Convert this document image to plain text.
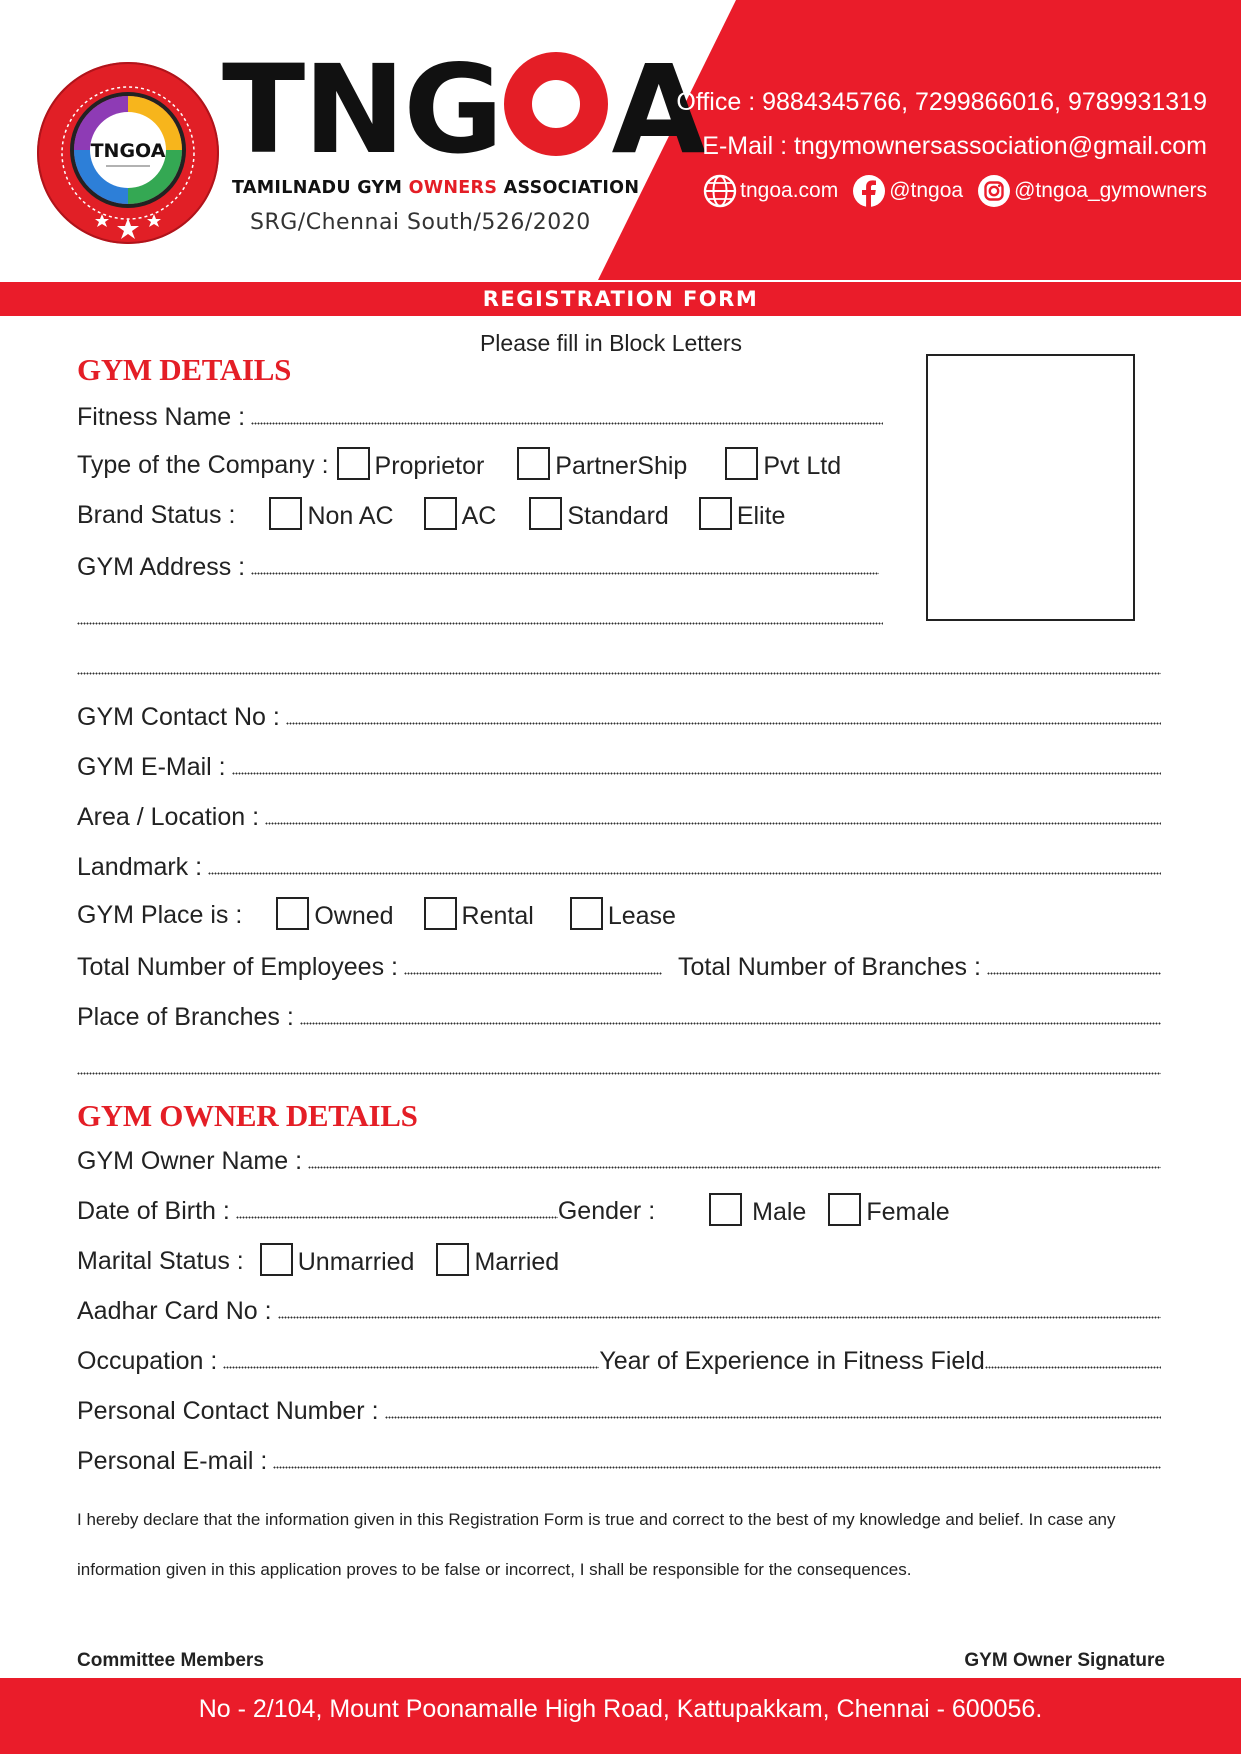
TNGOA TNG A
TAMILNADU GYM OWNERS ASSOCIATION
SRG/Chennai South/526/2020
Office : 9884345766, 7299866016, 9789931319
E-Mail : tngymownersassociation@gmail.com
tngoa.com @tngoa @tngoa_gymowners
REGISTRATION FORM
Please fill in Block Letters
GYM DETAILS
Fitness Name :
Type of the Company : Proprietor	PartnerShip	Pvt Ltd
Brand Status :	Non AC	AC	Standard	Elite
GYM Address :
GYM Contact No :
GYM E-Mail :
Area / Location :
Landmark :
GYM Place is :	Owned	Rental	Lease
Total Number of Employees :	Total Number of Branches :
Place of Branches :
GYM OWNER DETAILS
GYM Owner Name :
Date of Birth :	Gender :	Male Female
Marital Status : Unmarried Married
Aadhar Card No :
Occupation :	Year of Experience in Fitness Field
Personal Contact Number :
Personal E-mail :

I hereby declare that the information given in this Registration Form is true and correct to the best of my knowledge and belief. In case any information given in this application proves to be false or incorrect, I shall be responsible for the consequences.

Committee Members	GYM Owner Signature
No - 2/104, Mount Poonamalle High Road, Kattupakkam, Chennai - 600056.
